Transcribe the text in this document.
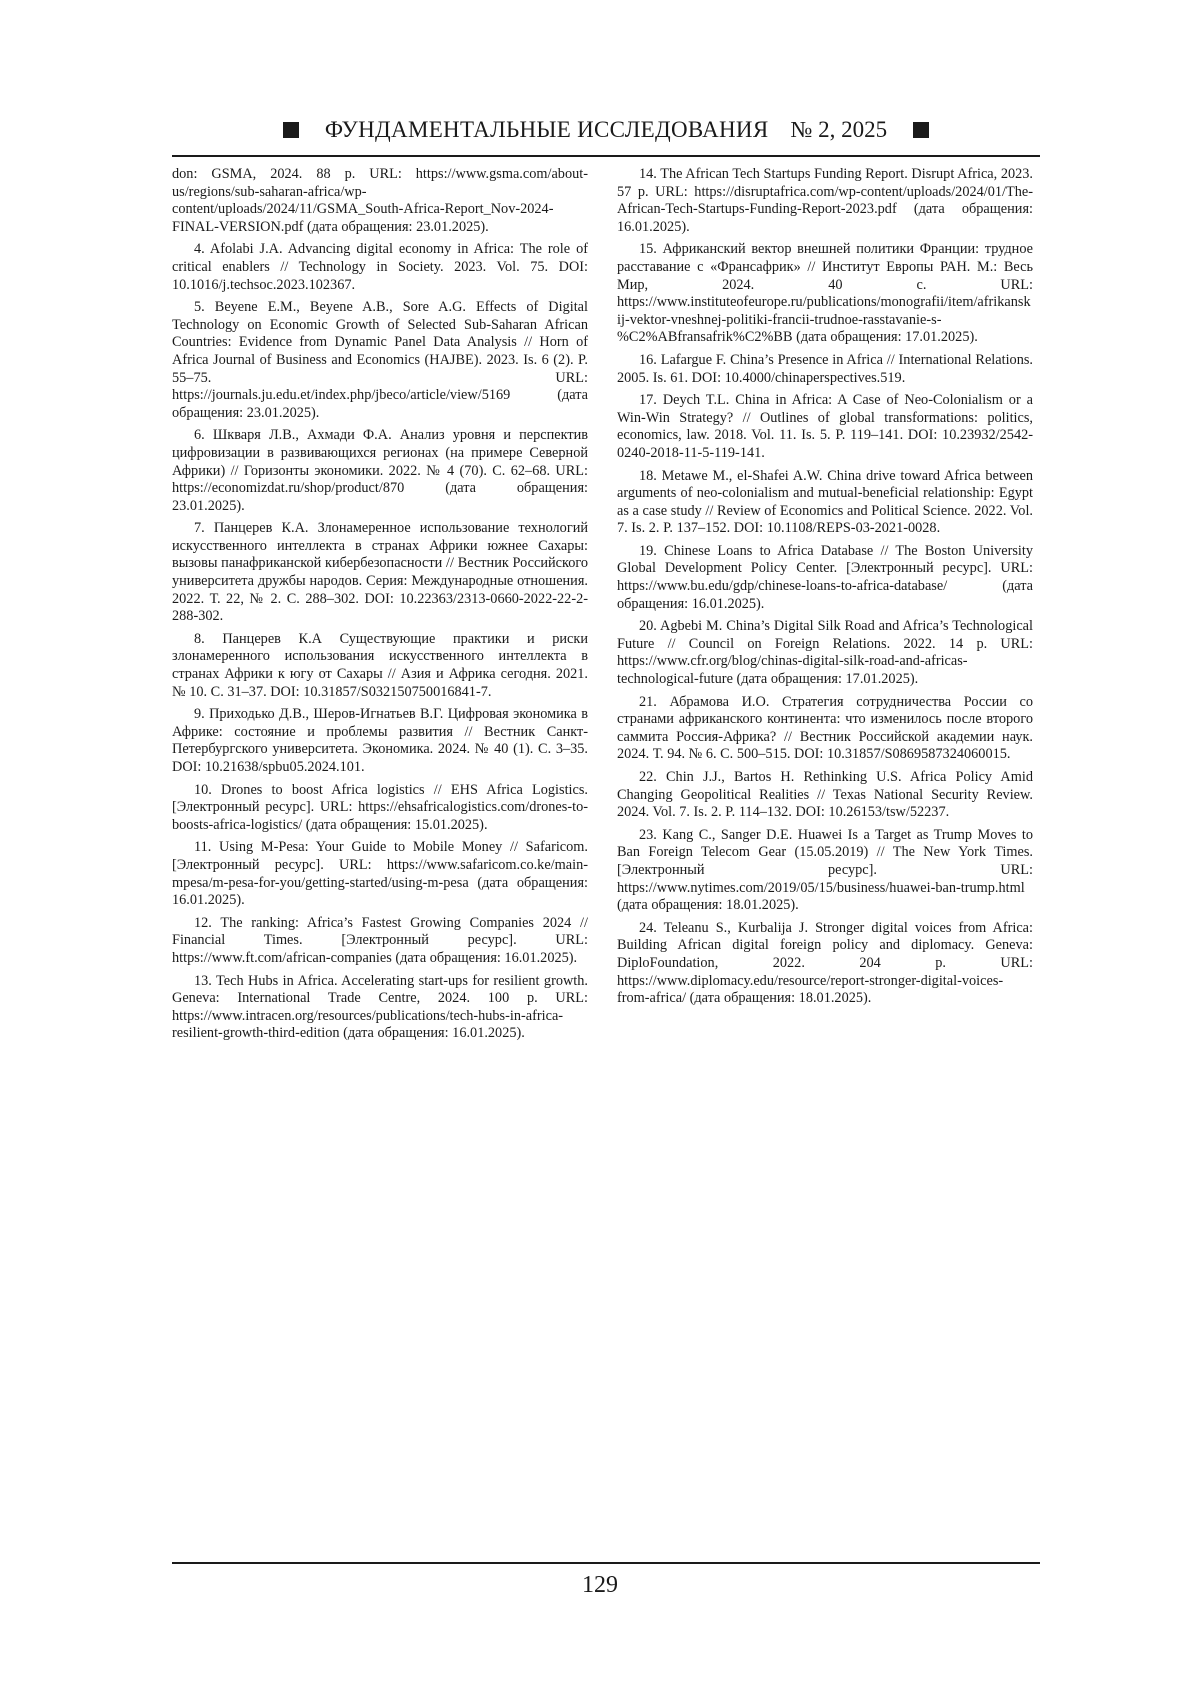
ФУНДАМЕНТАЛЬНЫЕ ИССЛЕДОВАНИЯ № 2, 2025

don: GSMA, 2024. 88 p. URL: https://www.gsma.com/about-us/regions/sub-saharan-africa/wp-content/uploads/2024/11/GSMA_South-Africa-Report_Nov-2024-FINAL-VERSION.pdf (дата обращения: 23.01.2025).

4. Afolabi J.A. Advancing digital economy in Africa: The role of critical enablers // Technology in Society. 2023. Vol. 75. DOI: 10.1016/j.techsoc.2023.102367.

5. Beyene E.M., Beyene A.B., Sore A.G. Effects of Digital Technology on Economic Growth of Selected Sub-Saharan African Countries: Evidence from Dynamic Panel Data Analysis // Horn of Africa Journal of Business and Economics (HAJBE). 2023. Is. 6 (2). P. 55–75. URL: https://journals.ju.edu.et/index.php/jbeco/article/view/5169 (дата обращения: 23.01.2025).

6. Шкваря Л.В., Ахмади Ф.А. Анализ уровня и перспектив цифровизации в развивающихся регионах (на примере Северной Африки) // Горизонты экономики. 2022. № 4 (70). С. 62–68. URL: https://economizdat.ru/shop/product/870 (дата обращения: 23.01.2025).

7. Панцерев К.А. Злонамеренное использование технологий искусственного интеллекта в странах Африки южнее Сахары: вызовы панафриканской кибербезопасности // Вестник Российского университета дружбы народов. Серия: Международные отношения. 2022. Т. 22, № 2. С. 288–302. DOI: 10.22363/2313-0660-2022-22-2-288-302.

8. Панцерев К.А Существующие практики и риски злонамеренного использования искусственного интеллекта в странах Африки к югу от Сахары // Азия и Африка сегодня. 2021. № 10. С. 31–37. DOI: 10.31857/S032150750016841-7.

9. Приходько Д.В., Шеров-Игнатьев В.Г. Цифровая экономика в Африке: состояние и проблемы развития // Вестник Санкт-Петербургского университета. Экономика. 2024. № 40 (1). С. 3–35. DOI: 10.21638/spbu05.2024.101.

10. Drones to boost Africa logistics // EHS Africa Logistics. [Электронный ресурс]. URL: https://ehsafricalogistics.com/drones-to-boosts-africa-logistics/ (дата обращения: 15.01.2025).

11. Using M-Pesa: Your Guide to Mobile Money // Safaricom. [Электронный ресурс]. URL: https://www.safaricom.co.ke/main-mpesa/m-pesa-for-you/getting-started/using-m-pesa (дата обращения: 16.01.2025).

12. The ranking: Africa’s Fastest Growing Companies 2024 // Financial Times. [Электронный ресурс]. URL: https://www.ft.com/african-companies (дата обращения: 16.01.2025).

13. Tech Hubs in Africa. Accelerating start-ups for resilient growth. Geneva: International Trade Centre, 2024. 100 p. URL: https://www.intracen.org/resources/publications/tech-hubs-in-africa-resilient-growth-third-edition (дата обращения: 16.01.2025).

14. The African Tech Startups Funding Report. Disrupt Africa, 2023. 57 p. URL: https://disruptafrica.com/wp-content/uploads/2024/01/The-African-Tech-Startups-Funding-Report-2023.pdf (дата обращения: 16.01.2025).

15. Африканский вектор внешней политики Франции: трудное расставание с «Франсафрик» // Институт Европы РАН. М.: Весь Мир, 2024. 40 с. URL: https://www.instituteofeurope.ru/publications/monografii/item/afrikanskij-vektor-vneshnej-politiki-francii-trudnoe-rasstavanie-s-%C2%ABfransafrik%C2%BB (дата обращения: 17.01.2025).

16. Lafargue F. China’s Presence in Africa // International Relations. 2005. Is. 61. DOI: 10.4000/chinaperspectives.519.

17. Deych T.L. China in Africa: A Case of Neo-Colonialism or a Win-Win Strategy? // Outlines of global transformations: politics, economics, law. 2018. Vol. 11. Is. 5. P. 119–141. DOI: 10.23932/2542-0240-2018-11-5-119-141.

18. Metawe M., el-Shafei A.W. China drive toward Africa between arguments of neo-colonialism and mutual-beneficial relationship: Egypt as a case study // Review of Economics and Political Science. 2022. Vol. 7. Is. 2. P. 137–152. DOI: 10.1108/REPS-03-2021-0028.

19. Chinese Loans to Africa Database // The Boston University Global Development Policy Center. [Электронный ресурс]. URL: https://www.bu.edu/gdp/chinese-loans-to-africa-database/ (дата обращения: 16.01.2025).

20. Agbebi M. China’s Digital Silk Road and Africa’s Technological Future // Council on Foreign Relations. 2022. 14 p. URL: https://www.cfr.org/blog/chinas-digital-silk-road-and-africas-technological-future (дата обращения: 17.01.2025).

21. Абрамова И.О. Стратегия сотрудничества России со странами африканского континента: что изменилось после второго саммита Россия-Африка? // Вестник Российской академии наук. 2024. Т. 94. № 6. С. 500–515. DOI: 10.31857/S0869587324060015.

22. Chin J.J., Bartos H. Rethinking U.S. Africa Policy Amid Changing Geopolitical Realities // Texas National Security Review. 2024. Vol. 7. Is. 2. P. 114–132. DOI: 10.26153/tsw/52237.

23. Kang C., Sanger D.E. Huawei Is a Target as Trump Moves to Ban Foreign Telecom Gear (15.05.2019) // The New York Times. [Электронный ресурс]. URL: https://www.nytimes.com/2019/05/15/business/huawei-ban-trump.html (дата обращения: 18.01.2025).

24. Teleanu S., Kurbalija J. Stronger digital voices from Africa: Building African digital foreign policy and diplomacy. Geneva: DiploFoundation, 2022. 204 p. URL: https://www.diplomacy.edu/resource/report-stronger-digital-voices-from-africa/ (дата обращения: 18.01.2025).

129
